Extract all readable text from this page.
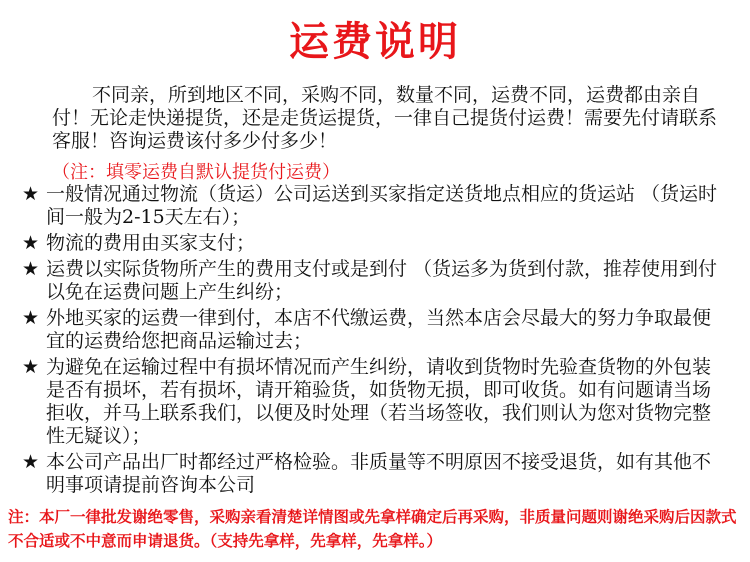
运费说明
不同亲，所到地区不同，采购不同，数量不同，运费不同，运费都由亲自付！无论走快递提货，还是走货运提货，一律自己提货付运费！需要先付请联系客服！咨询运费该付多少付多少！
（注：填零运费自默认提货付运费）
★ 一般情况通过物流（货运）公司运送到买家指定送货地点相应的货运站 （货运时间一般为2-15天左右）；
★ 物流的费用由买家支付；
★ 运费以实际货物所产生的费用支付或是到付 （货运多为货到付款，推荐使用到付以免在运费问题上产生纠纷；
★ 外地买家的运费一律到付，本店不代缴运费，当然本店会尽最大的努力争取最便宜的运费给您把商品运输过去；
★ 为避免在运输过程中有损坏情况而产生纠纷，请收到货物时先验查货物的外包装是否有损坏，若有损坏，请开箱验货，如货物无损，即可收货。如有问题请当场拒收，并马上联系我们，以便及时处理（若当场签收，我们则认为您对货物完整性无疑议）；
★ 本公司产品出厂时都经过严格检验。非质量等不明原因不接受退货，如有其他不明事项请提前咨询本公司
注：本厂一律批发谢绝零售，采购亲看清楚详情图或先拿样确定后再采购，非质量问题则谢绝采购后因款式不合适或不中意而申请退货。（支持先拿样，先拿样，先拿样。）
